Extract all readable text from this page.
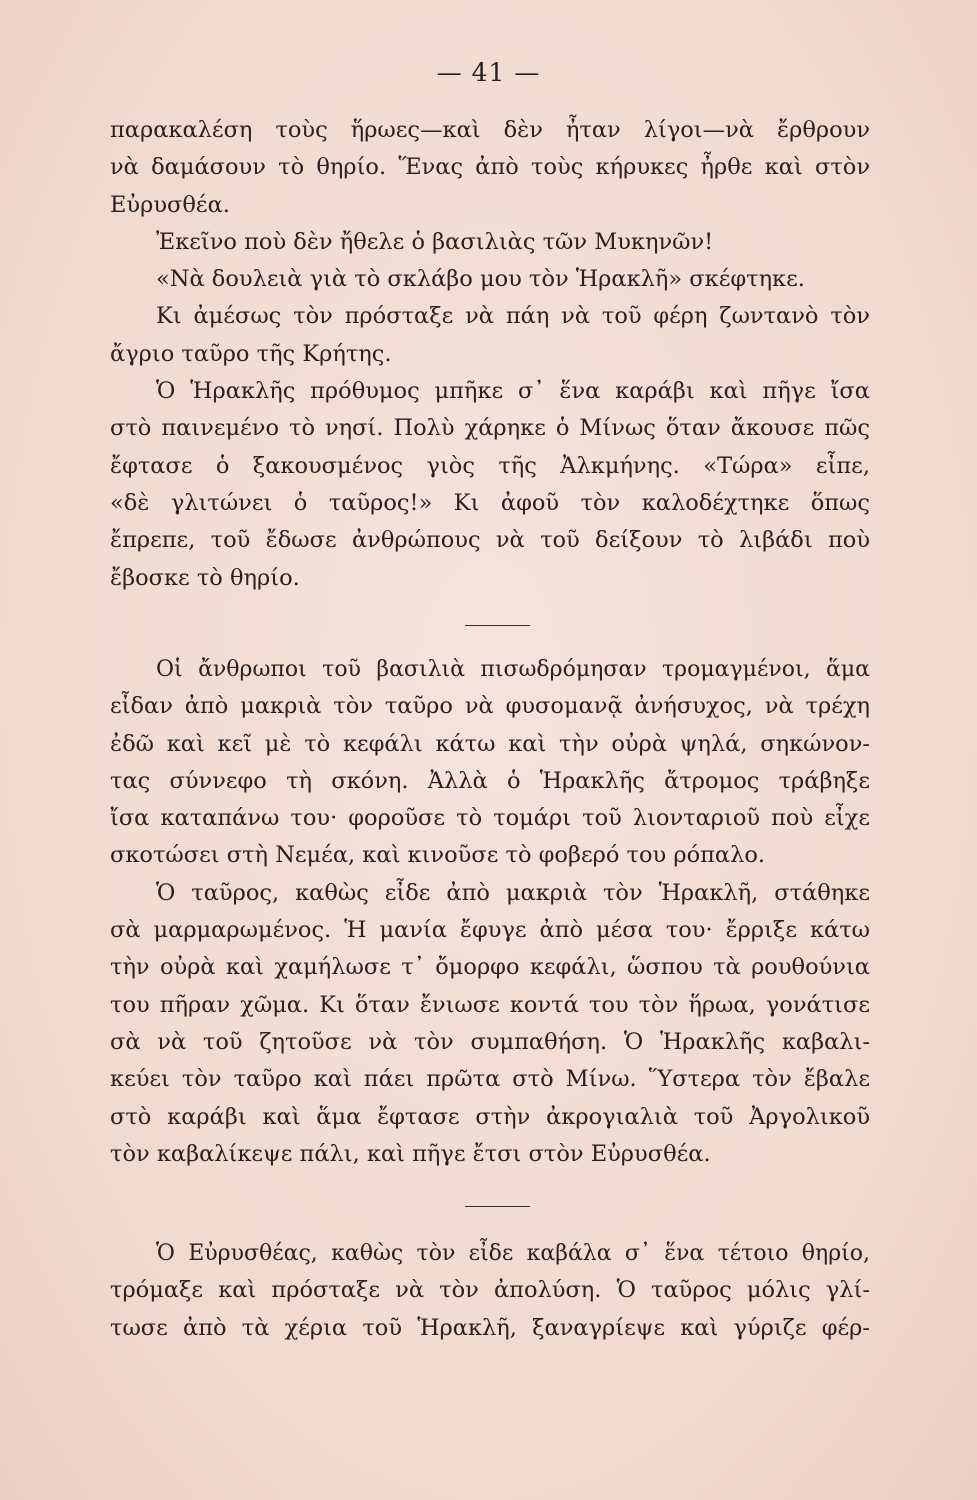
— 41 —
παρακαλέση τοὺς ἥρωες—καὶ δὲν ἦταν λίγοι—νὰ ἔρθρουν
νὰ δαμάσουν τὸ θηρίο. Ἕνας ἀπὸ τοὺς κήρυκες ἦρθε καὶ στὸν
Εὐρυσθέα.
Ἐκεῖνο ποὺ δὲν ἤθελε ὁ βασιλιὰς τῶν Μυκηνῶν!
«Νὰ δουλειὰ γιὰ τὸ σκλάβο μου τὸν Ἡρακλῆ» σκέφτηκε.
Κι ἀμέσως τὸν πρόσταξε νὰ πάη νὰ τοῦ φέρη ζωντανὸ τὸν
ἄγριο ταῦρο τῆς Κρήτης.
Ὁ Ἡρακλῆς πρόθυμος μπῆκε σ᾿ ἕνα καράβι καὶ πῆγε ἴσα
στὸ παινεμένο τὸ νησί. Πολὺ χάρηκε ὁ Μίνως ὅταν ἄκουσε πῶς
ἔφτασε ὁ ξακουσμένος γιὸς τῆς Ἀλκμήνης. «Τώρα» εἶπε,
«δὲ γλιτώνει ὁ ταῦρος!» Κι ἀφοῦ τὸν καλοδέχτηκε ὅπως
ἔπρεπε, τοῦ ἔδωσε ἀνθρώπους νὰ τοῦ δείξουν τὸ λιβάδι ποὺ
ἔβοσκε τὸ θηρίο.
Οἱ ἄνθρωποι τοῦ βασιλιὰ πισωδρόμησαν τρομαγμένοι, ἅμα
εἶδαν ἀπὸ μακριὰ τὸν ταῦρο νὰ φυσομανᾷ ἀνήσυχος, νὰ τρέχη
ἐδῶ καὶ κεῖ μὲ τὸ κεφάλι κάτω καὶ τὴν οὐρὰ ψηλά, σηκώνον-
τας σύννεφο τὴ σκόνη. Ἀλλὰ ὁ Ἡρακλῆς ἄτρομος τράβηξε
ἴσα καταπάνω του· φοροῦσε τὸ τομάρι τοῦ λιονταριοῦ ποὺ εἶχε
σκοτώσει στὴ Νεμέα, καὶ κινοῦσε τὸ φοβερό του ρόπαλο.
Ὁ ταῦρος, καθὼς εἶδε ἀπὸ μακριὰ τὸν Ἡρακλῆ, στάθηκε
σὰ μαρμαρωμένος. Ἡ μανία ἔφυγε ἀπὸ μέσα του· ἔρριξε κάτω
τὴν οὐρὰ καὶ χαμήλωσε τ᾿ ὄμορφο κεφάλι, ὥσπου τὰ ρουθούνια
του πῆραν χῶμα. Κι ὅταν ἔνιωσε κοντά του τὸν ἥρωα, γονάτισε
σὰ νὰ τοῦ ζητοῦσε νὰ τὸν συμπαθήση. Ὁ Ἡρακλῆς καβαλι-
κεύει τὸν ταῦρο καὶ πάει πρῶτα στὸ Μίνω. Ὕστερα τὸν ἔβαλε
στὸ καράβι καὶ ἅμα ἔφτασε στὴν ἀκρογιαλιὰ τοῦ Ἀργολικοῦ
τὸν καβαλίκεψε πάλι, καὶ πῆγε ἔτσι στὸν Εὐρυσθέα.
Ὁ Εὐρυσθέας, καθὼς τὸν εἶδε καβάλα σ᾿ ἕνα τέτοιο θηρίο,
τρόμαξε καὶ πρόσταξε νὰ τὸν ἀπολύση. Ὁ ταῦρος μόλις γλί-
τωσε ἀπὸ τὰ χέρια τοῦ Ἡρακλῆ, ξαναγρίεψε καὶ γύριζε φέρ-
